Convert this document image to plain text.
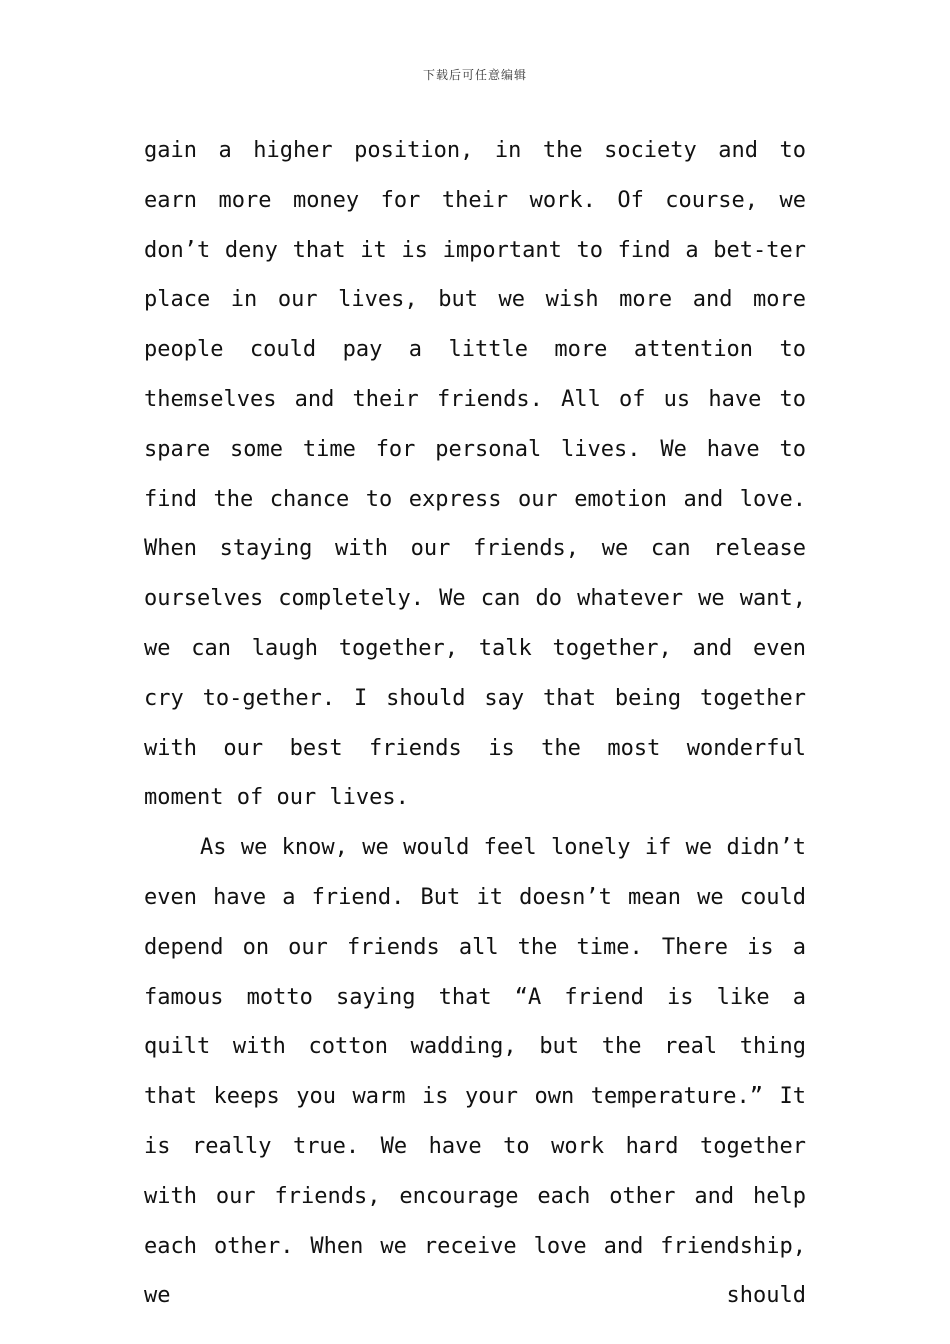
下载后可任意编辑

gain a higher position, in the society and to earn more money for their work. Of course, we don’t deny that it is important to find a bet-ter place in our lives, but we wish more and more people could pay a little more attention to themselves and their friends. All of us have to spare some time for personal lives. We have to find the chance to express our emotion and love. When staying with our friends, we can release ourselves completely. We can do whatever we want, we can laugh together, talk together, and even cry to-gether. I should say that being together with our best friends is the most wonderful moment of our lives.

As we know, we would feel lonely if we didn’t even have a friend. But it doesn’t mean we could depend on our friends all the time. There is a famous motto saying that “A friend is like a quilt with cotton wadding, but the real thing that keeps you warm is your own temperature.” It is really true. We have to work hard together with our friends, encourage each other and help each other. When we receive love and friendship, we should
